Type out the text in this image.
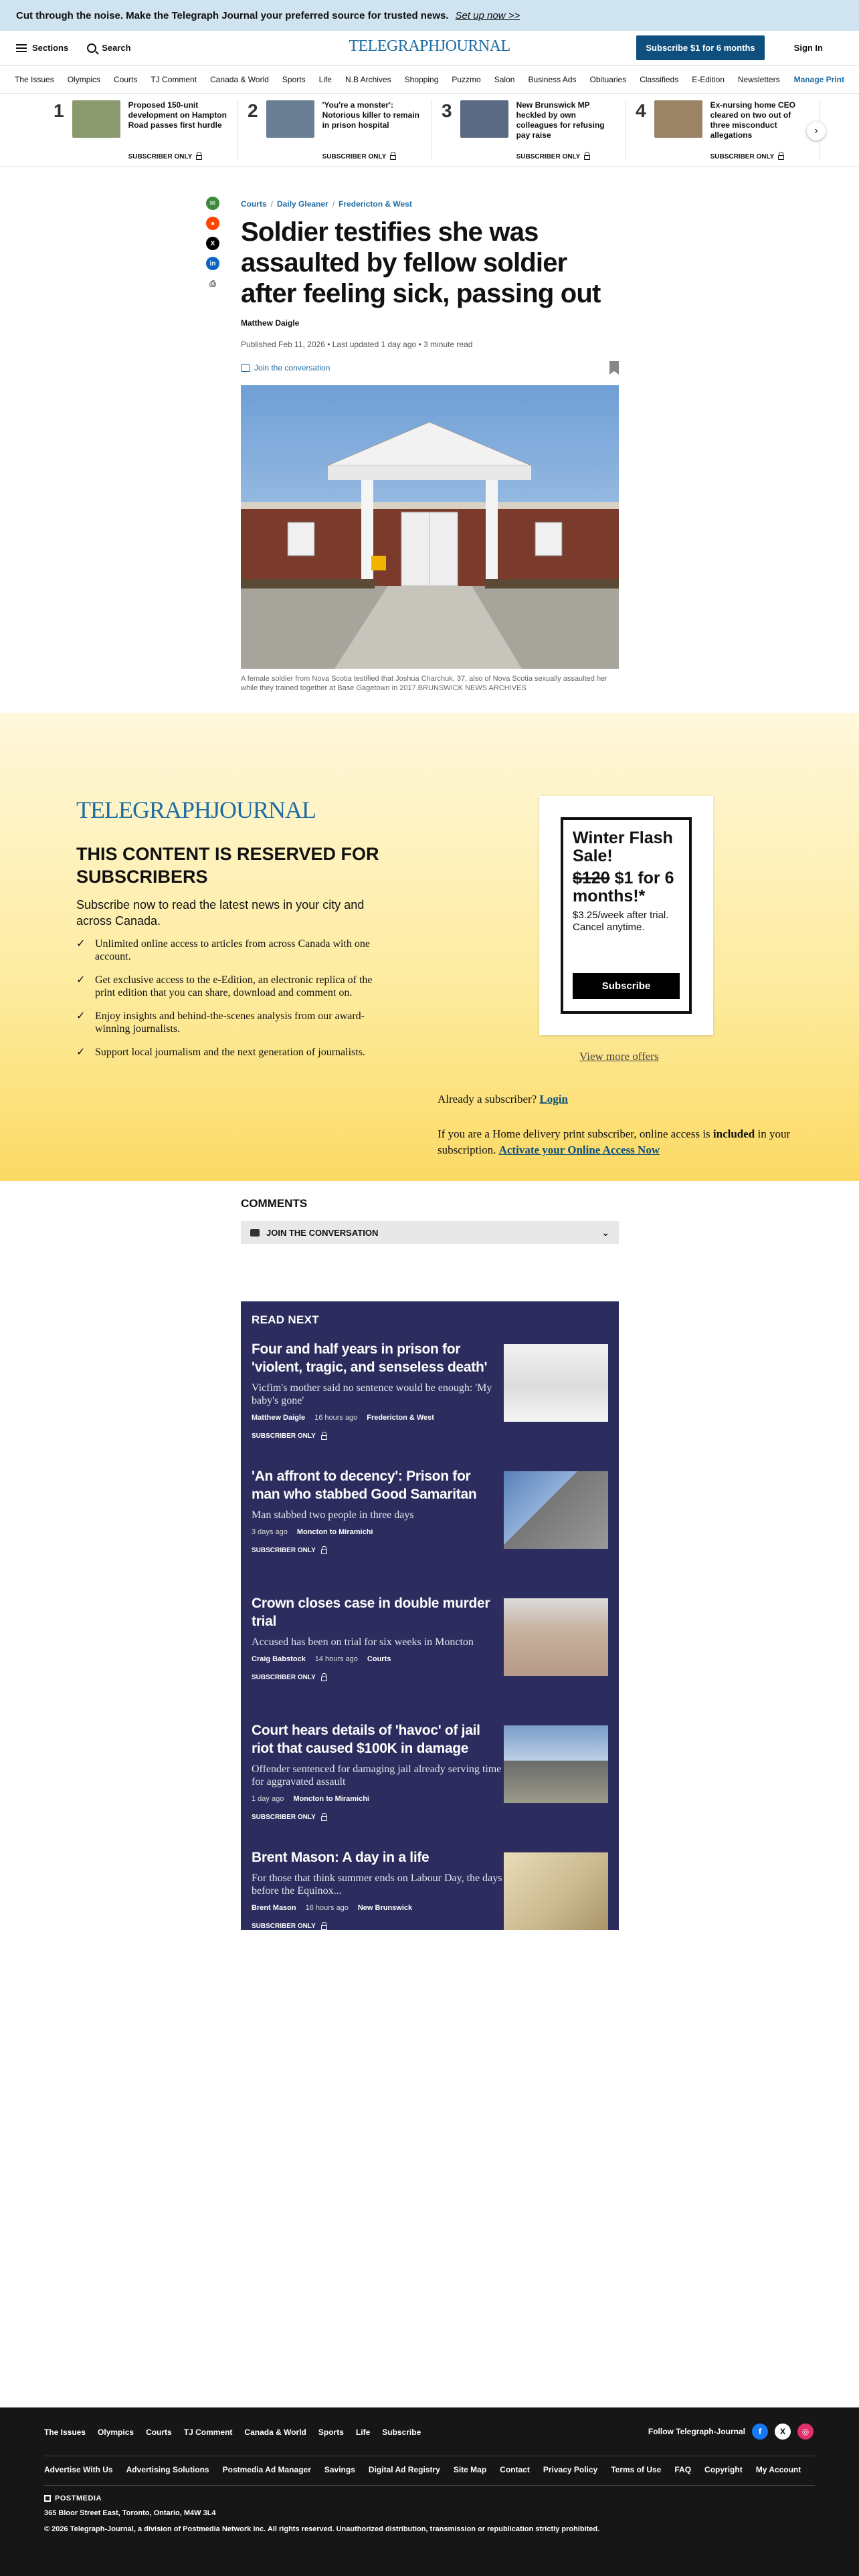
Cut through the noise. Make the Telegraph Journal your preferred source for trusted news. Set up now >>
Sections	Search	Subscribe $1 for 6 months	Sign In
TELEGRAPHJOURNAL
The Issues	Olympics	Courts	TJ Comment	Canada & World	Sports	Life	N.B Archives	Shopping	Puzzmo	Salon	Business Ads	Obituaries	Classifieds	E-Edition	Newsletters	Manage Print
1	Proposed 150-unit development on Hampton Road passes first hurdle
SUBSCRIBER ONLY
2	'You're a monster': Notorious killer to remain in prison hospital
SUBSCRIBER ONLY
3	New Brunswick MP heckled by own colleagues for refusing pay raise
SUBSCRIBER ONLY
4	Ex-nursing home CEO cleared on two out of three misconduct allegations
SUBSCRIBER ONLY
›
✉
●
X
in
⎙
Courts / Daily Gleaner / Fredericton & West
Soldier testifies she was assaulted by fellow soldier after feeling sick, passing out
Matthew Daigle
Published Feb 11, 2026 • Last updated 1 day ago • 3 minute read
Join the conversation
A female soldier from Nova Scotia testified that Joshua Charchuk, 37, also of Nova Scotia sexually assaulted her while they trained together at Base Gagetown in 2017.BRUNSWICK NEWS ARCHIVES
TELEGRAPHJOURNAL
THIS CONTENT IS RESERVED FOR SUBSCRIBERS
Subscribe now to read the latest news in your city and across Canada.
✓ Unlimited online access to articles from across Canada with one account.
✓ Get exclusive access to the e-Edition, an electronic replica of the print edition that you can share, download and comment on.
✓ Enjoy insights and behind-the-scenes analysis from our award-winning journalists.
✓ Support local journalism and the next generation of journalists.
Winter Flash Sale!
$120 $1 for 6 months!*
$3.25/week after trial. Cancel anytime.
Subscribe
View more offers
Already a subscriber? Login
If you are a Home delivery print subscriber, online access is included in your subscription. Activate your Online Access Now
COMMENTS
JOIN THE CONVERSATION	⌄
READ NEXT
Four and half years in prison for 'violent, tragic, and senseless death'
Vicfim's mother said no sentence would be enough: 'My baby's gone'
Matthew Daigle 16 hours ago Fredericton & West
SUBSCRIBER ONLY
'An affront to decency': Prison for man who stabbed Good Samaritan
Man stabbed two people in three days
3 days ago Moncton to Miramichi
SUBSCRIBER ONLY
Crown closes case in double murder trial
Accused has been on trial for six weeks in Moncton
Craig Babstock 14 hours ago Courts
SUBSCRIBER ONLY
Court hears details of 'havoc' of jail riot that caused $100K in damage
Offender sentenced for damaging jail already serving time for aggravated assault
1 day ago Moncton to Miramichi
SUBSCRIBER ONLY
Brent Mason: A day in a life
For those that think summer ends on Labour Day, the days before the Equinox...
Brent Mason 16 hours ago New Brunswick
SUBSCRIBER ONLY
The Issues Olympics Courts TJ Comment Canada & World Sports Life Subscribe	Follow Telegraph-Journal	f	X	◎
Advertise With Us Advertising Solutions Postmedia Ad Manager Savings Digital Ad Registry Site Map Contact Privacy Policy Terms of Use FAQ Copyright My Account
POSTMEDIA
365 Bloor Street East, Toronto, Ontario, M4W 3L4
© 2026 Telegraph-Journal, a division of Postmedia Network Inc. All rights reserved. Unauthorized distribution, transmission or republication strictly prohibited.
